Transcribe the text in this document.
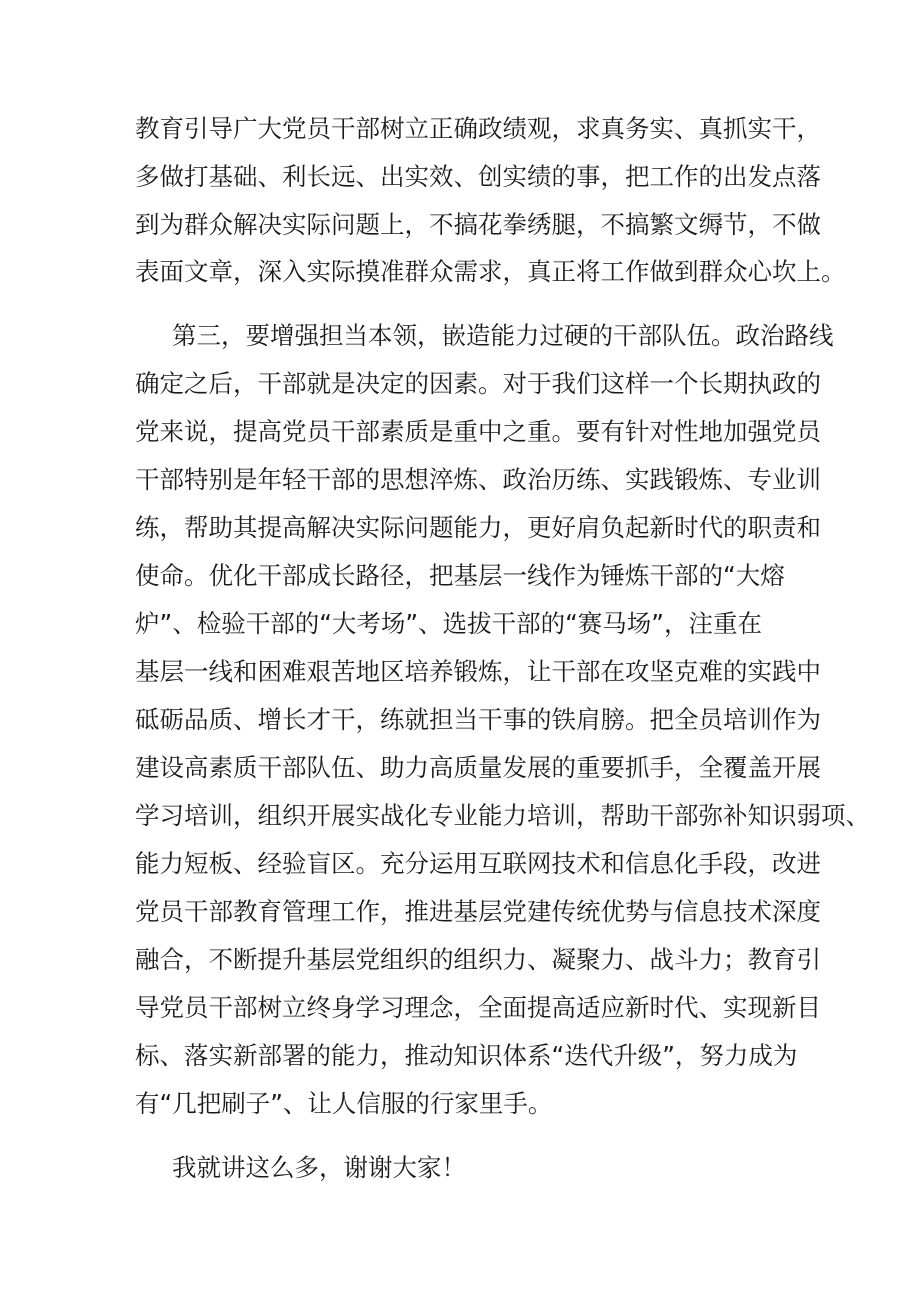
教育引导广大党员干部树立正确政绩观，求真务实、真抓实干，

多做打基础、利长远、出实效、创实绩的事，把工作的出发点落

到为群众解决实际问题上，不搞花拳绣腿，不搞繁文缛节，不做

表面文章，深入实际摸准群众需求，真正将工作做到群众心坎上。

第三，要增强担当本领，嵌造能力过硬的干部队伍。政治路线

确定之后，干部就是决定的因素。对于我们这样一个长期执政的

党来说，提高党员干部素质是重中之重。要有针对性地加强党员

干部特别是年轻干部的思想淬炼、政治历练、实践锻炼、专业训

练，帮助其提高解决实际问题能力，更好肩负起新时代的职责和

使命。优化干部成长路径，把基层一线作为锤炼干部的“大熔

炉”、检验干部的“大考场”、选拔干部的“赛马场”，注重在

基层一线和困难艰苦地区培养锻炼，让干部在攻坚克难的实践中

砥砺品质、增长才干，练就担当干事的铁肩膀。把全员培训作为

建设高素质干部队伍、助力高质量发展的重要抓手，全覆盖开展

学习培训，组织开展实战化专业能力培训，帮助干部弥补知识弱项、

能力短板、经验盲区。充分运用互联网技术和信息化手段，改进

党员干部教育管理工作，推进基层党建传统优势与信息技术深度

融合，不断提升基层党组织的组织力、凝聚力、战斗力；教育引

导党员干部树立终身学习理念，全面提高适应新时代、实现新目

标、落实新部署的能力，推动知识体系“迭代升级”，努力成为

有“几把刷子”、让人信服的行家里手。

我就讲这么多，谢谢大家！
